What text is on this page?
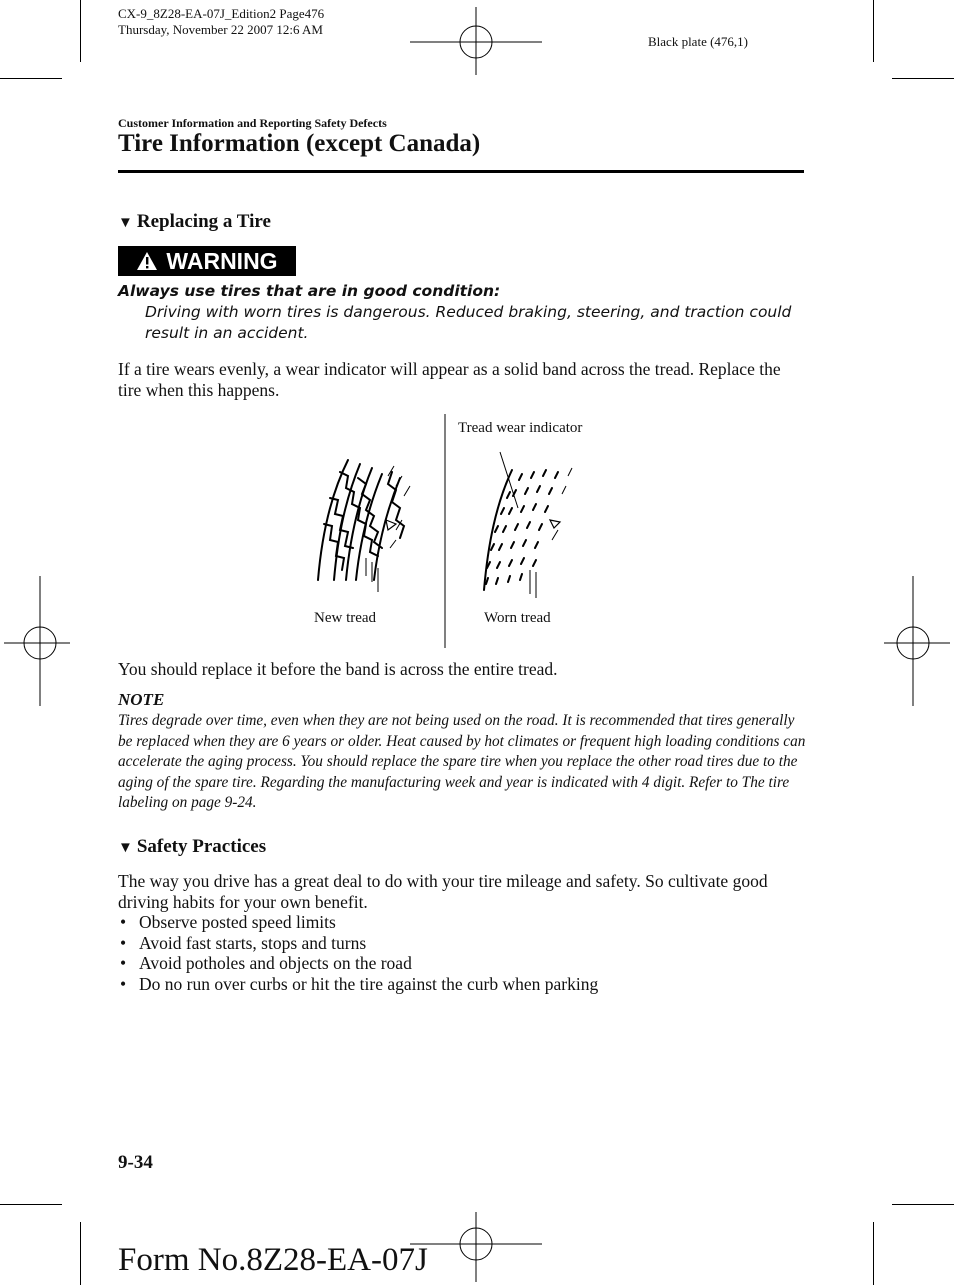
CX-9_8Z28-EA-07J_Edition2 Page476
Thursday, November 22 2007 12:6 AM
Black plate (476,1)
Customer Information and Reporting Safety Defects
Tire Information (except Canada)
▼ Replacing a Tire
WARNING
Always use tires that are in good condition:
Driving with worn tires is dangerous. Reduced braking, steering, and traction could result in an accident.
If a tire wears evenly, a wear indicator will appear as a solid band across the tread. Replace the tire when this happens.
Tread wear indicator
New tread	Worn tread
You should replace it before the band is across the entire tread.
NOTE
Tires degrade over time, even when they are not being used on the road. It is recommended that tires generally be replaced when they are 6 years or older. Heat caused by hot climates or frequent high loading conditions can accelerate the aging process. You should replace the spare tire when you replace the other road tires due to the aging of the spare tire. Regarding the manufacturing week and year is indicated with 4 digit. Refer to The tire labeling on page 9-24.
▼ Safety Practices
The way you drive has a great deal to do with your tire mileage and safety. So cultivate good driving habits for your own benefit.
• Observe posted speed limits
• Avoid fast starts, stops and turns
• Avoid potholes and objects on the road
• Do no run over curbs or hit the tire against the curb when parking
9-34
Form No.8Z28-EA-07J
